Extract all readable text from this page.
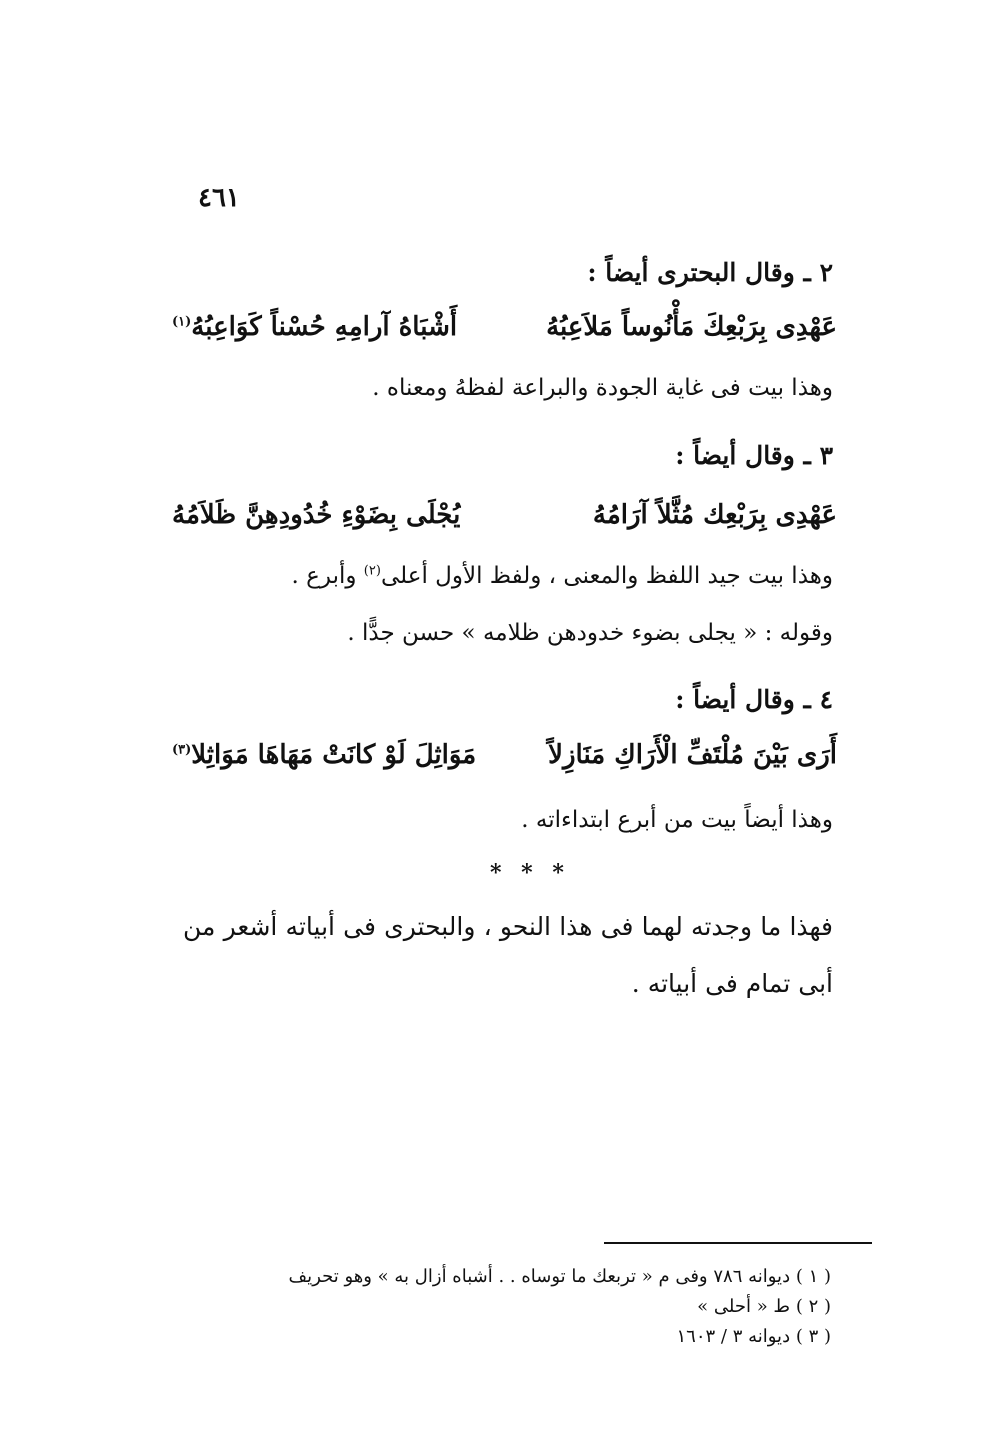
٤٦١
٢ ـ وقال البحترى أيضاً :
عَهْدِى بِرَبْعِكَ مَأْنُوساً مَلاَعِبُهُ
أَشْبَاهُ آرامِهِ حُسْناً كَوَاعِبُهُ$^{(١)}$
وهذا بيت فى غاية الجودة والبراعة لفظهُ ومعناه .
٣ ـ وقال أيضاً :
عَهْدِى بِرَبْعِك مُثَّلاً آرَامُهُ
يُجْلَى بِضَوْءِ خُدُودِهِنَّ ظَلاَمُهُ
وهذا بيت جيد اللفظ والمعنى ، ولفظ الأول أعلى$^{(٢)}$ وأبرع .
وقوله : « يجلى بضوء خدودهن ظلامه » حسن جدًّا .
٤ ـ وقال أيضاً :
أَرَى بَيْنَ مُلْتَفِّ الْأَرَاكِ مَنَازِلاً
مَوَاثِلَ لَوْ كانَتْ مَهَاهَا مَوَاثِلا$^{(٣)}$
وهذا أيضاً بيت من أبرع ابتداءاته .
* * *
فهذا ما وجدته لهما فى هذا النحو ، والبحترى فى أبياته أشعر من أبى تمام فى أبياته .
( ١ ) ديوانه ٧٨٦ وفى م « تربعك ما توساه . . أشباه أزال به » وهو تحريف
( ٢ ) ط « أحلى »
( ٣ ) ديوانه ٣ / ١٦٠٣
